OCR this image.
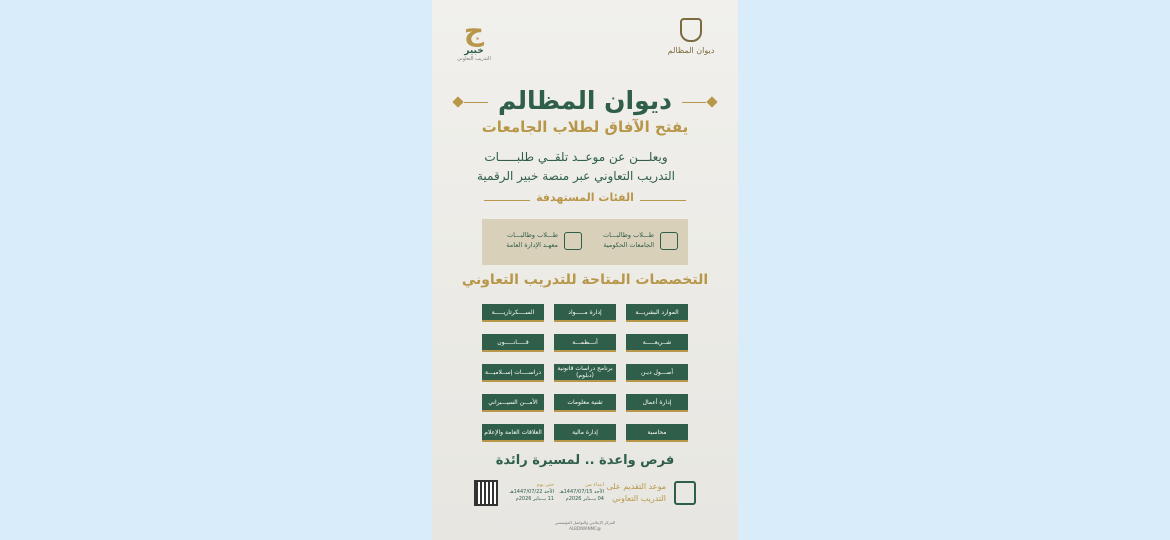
ج
خبير
التدريب التعاوني
ديوان المظالم
ديوان المظالم
يفتح الآفاق لطلاب الجامعات
ويعلـــن عن موعــد تلقــي طلبـــــات
التدريب التعاوني عبر منصة خبير الرقمية
الفئات المستهدفة
طـــلاب وطالبـــات
الجامعات الحكومية
طـــلاب وطالبـــات
معهـد الإدارة العامة
التخصصات المتاحة للتدريب التعاوني
الموارد البشريـــة
إدارة مـــــواد
الســــكرتاريـــــة
شــريعـــــة
أنـــظمـــة
قـــــانـــــون
أصـــول ديـن
برنامج دراسات قانونية (دبلوم)
دراســــات إســلاميـــة
إدارة أعمال
تقنية معلومات
الأمـــن السيـــبراني
محاسبة
إدارة مالية
العلاقات العامة والإعلام
فرص واعدة .. لمسيرة رائدة
موعد التقديم على
التدريب التعاوني
ابتداء من
الأحد 1447/07/15هـ
04 يـــناير 2026م
حتى يوم
الأحد 1447/07/22هـ
11 يـــناير 2026م
المركز الإعلامي والتواصل المؤسسي
@ALBDIWANMC
